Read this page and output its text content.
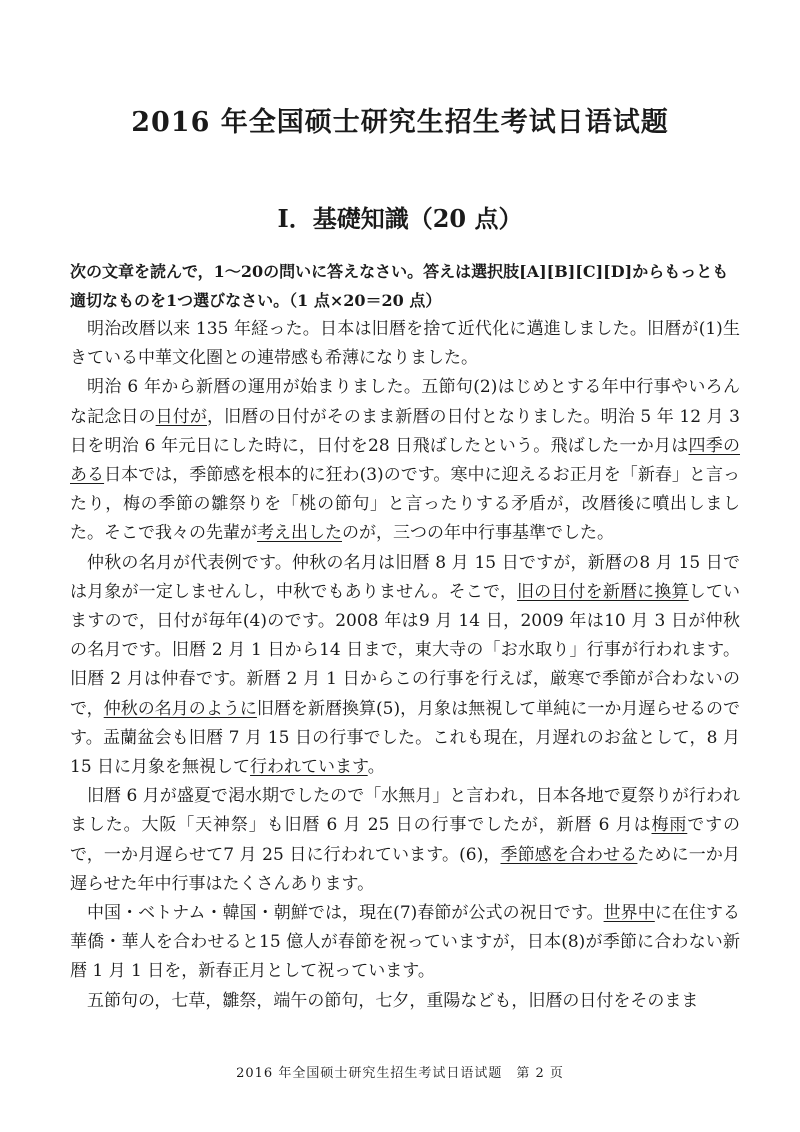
2016 年全国硕士研究生招生考试日语试题
Ⅰ．基礎知識（20 点）
次の文章を読んで，1～20の問いに答えなさい。答えは選択肢[A][B][C][D]からもっとも適切なものを1つ選びなさい。（1 点×20＝20 点）

明治改暦以来 135 年経った。日本は旧暦を捨て近代化に邁進しました。旧暦が(1)生きている中華文化圏との連帯感も希薄になりました。

明治 6 年から新暦の運用が始まりました。五節句(2)はじめとする年中行事やいろんな記念日の日付が，旧暦の日付がそのまま新暦の日付となりました。明治 5 年 12 月 3 日を明治 6 年元日にした時に，日付を28 日飛ばしたという。飛ばした一か月は四季のある日本では，季節感を根本的に狂わ(3)のです。寒中に迎えるお正月を「新春」と言ったり，梅の季節の雛祭りを「桃の節句」と言ったりする矛盾が，改暦後に噴出しました。そこで我々の先輩が考え出したのが，三つの年中行事基準でした。

仲秋の名月が代表例です。仲秋の名月は旧暦 8 月 15 日ですが，新暦の8 月 15 日では月象が一定しませんし，中秋でもありません。そこで，旧の日付を新暦に換算していますので，日付が毎年(4)のです。2008 年は9 月 14 日，2009 年は10 月 3 日が仲秋の名月です。旧暦 2 月 1 日から14 日まで，東大寺の「お水取り」行事が行われます。旧暦 2 月は仲春です。新暦 2 月 1 日からこの行事を行えば，厳寒で季節が合わないので，仲秋の名月のように旧暦を新暦換算(5)，月象は無視して単純に一か月遅らせるのです。盂蘭盆会も旧暦 7 月 15 日の行事でした。これも現在，月遅れのお盆として，8 月 15 日に月象を無視して行われています。

旧暦 6 月が盛夏で渇水期でしたので「水無月」と言われ，日本各地で夏祭りが行われました。大阪「天神祭」も旧暦 6 月 25 日の行事でしたが，新暦 6 月は梅雨ですので，一か月遅らせて7 月 25 日に行われています。(6)，季節感を合わせるために一か月遅らせた年中行事はたくさんあります。

中国・ベトナム・韓国・朝鮮では，現在(7)春節が公式の祝日です。世界中に在住する華僑・華人を合わせると15 億人が春節を祝っていますが，日本(8)が季節に合わない新暦 1 月 1 日を，新春正月として祝っています。

五節句の，七草，雛祭，端午の節句，七夕，重陽なども，旧暦の日付をそのまま

2016 年全国硕士研究生招生考试日语试题　第 2 页
